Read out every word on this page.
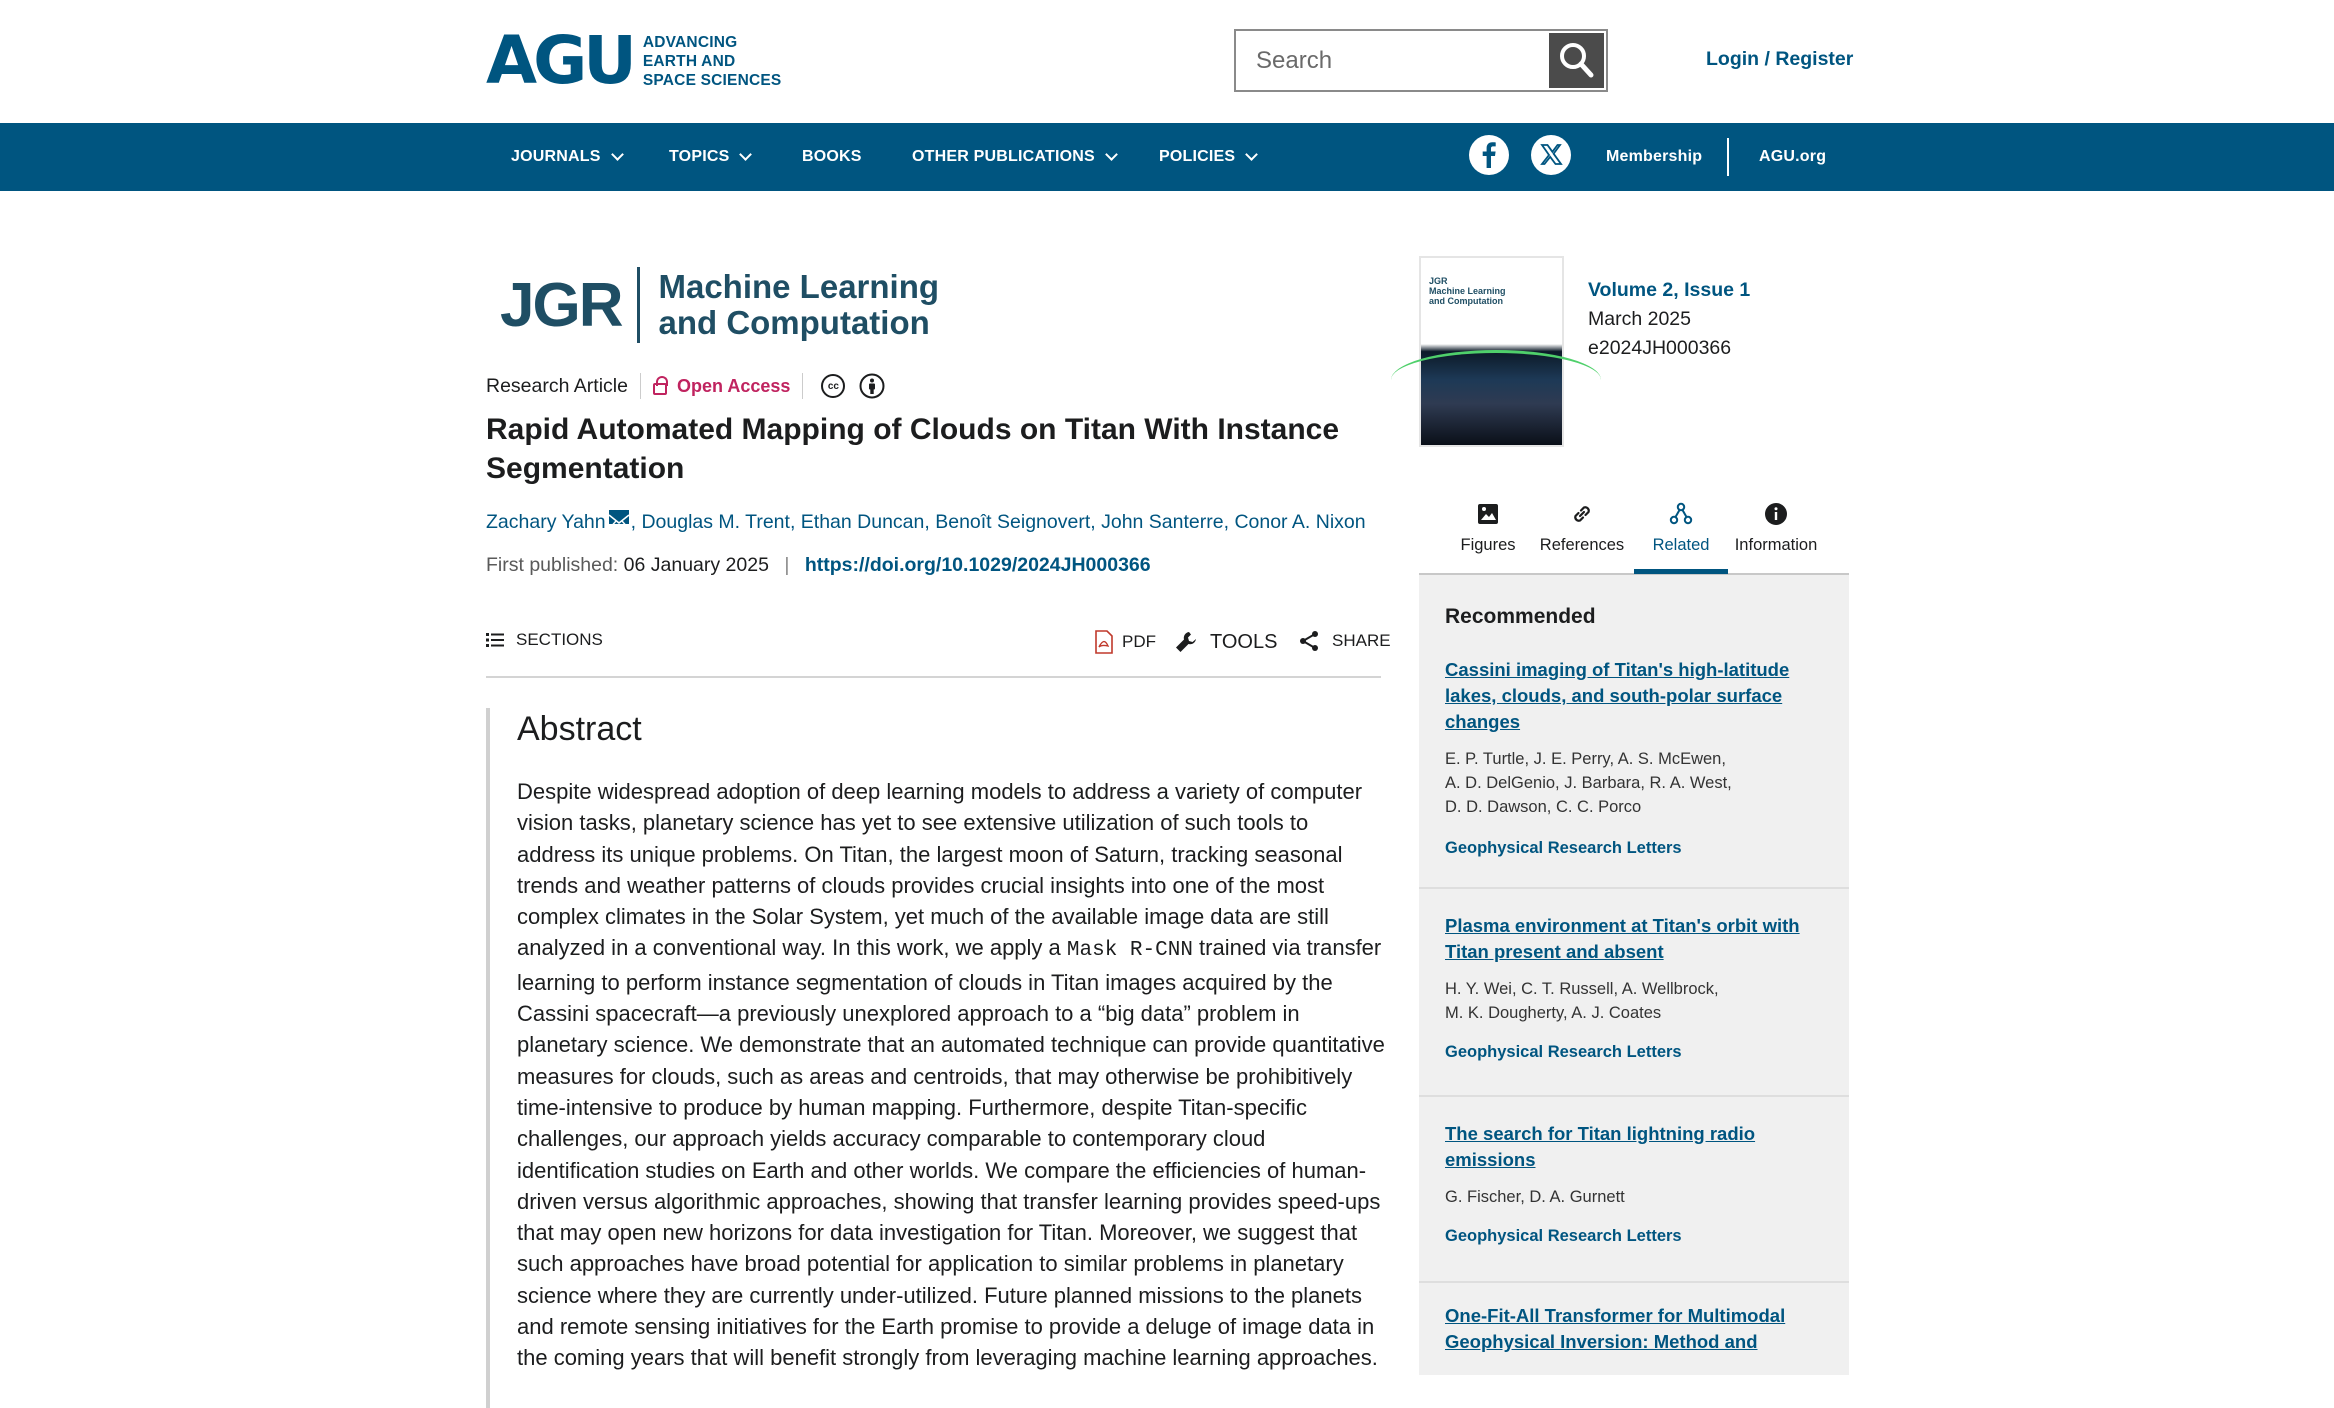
AGU ADVANCING
EARTH AND
SPACE SCIENCES
Search
Login / Register
JOURNALS	TOPICS	BOOKS	OTHER PUBLICATIONS	POLICIES	Membership	AGU.org
JGR Machine Learning
and Computation
Research Article	Open Access	cc
Rapid Automated Mapping of Clouds on Titan With Instance Segmentation
Zachary Yahn , Douglas M. Trent, Ethan Duncan, Benoît Seignovert, John Santerre, Conor A. Nixon
First published: 06 January 2025 | https://doi.org/10.1029/2024JH000366
SECTIONS	PDF	TOOLS	SHARE
Abstract

Despite widespread adoption of deep learning models to address a variety of computer vision tasks, planetary science has yet to see extensive utilization of such tools to address its unique problems. On Titan, the largest moon of Saturn, tracking seasonal trends and weather patterns of clouds provides crucial insights into one of the most complex climates in the Solar System, yet much of the available image data are still analyzed in a conventional way. In this work, we apply a Mask R-CNN trained via transfer learning to perform instance segmentation of clouds in Titan images acquired by the Cassini spacecraft—a previously unexplored approach to a “big data” problem in planetary science. We demonstrate that an automated technique can provide quantitative measures for clouds, such as areas and centroids, that may otherwise be prohibitively time-intensive to produce by human mapping. Furthermore, despite Titan-specific challenges, our approach yields accuracy comparable to contemporary cloud identification studies on Earth and other worlds. We compare the efficiencies of human-driven versus algorithmic approaches, showing that transfer learning provides speed-ups that may open new horizons for data investigation for Titan. Moreover, we suggest that such approaches have broad potential for application to similar problems in planetary science where they are currently under-utilized. Future planned missions to the planets and remote sensing initiatives for the Earth promise to provide a deluge of image data in the coming years that will benefit strongly from leveraging machine learning approaches.

JGR
Machine Learning
and Computation	Volume 2, Issue 1
March 2025
e2024JH000366
Figures	References	Related	Information
Recommended
Cassini imaging of Titan's high-latitude lakes, clouds, and south-polar surface changes
E. P. Turtle, J. E. Perry, A. S. McEwen,
A. D. DelGenio, J. Barbara, R. A. West,
D. D. Dawson, C. C. Porco
Geophysical Research Letters
Plasma environment at Titan's orbit with Titan present and absent
H. Y. Wei, C. T. Russell, A. Wellbrock,
M. K. Dougherty, A. J. Coates
Geophysical Research Letters
The search for Titan lightning radio emissions
G. Fischer, D. A. Gurnett
Geophysical Research Letters
One-Fit-All Transformer for Multimodal Geophysical Inversion: Method and
